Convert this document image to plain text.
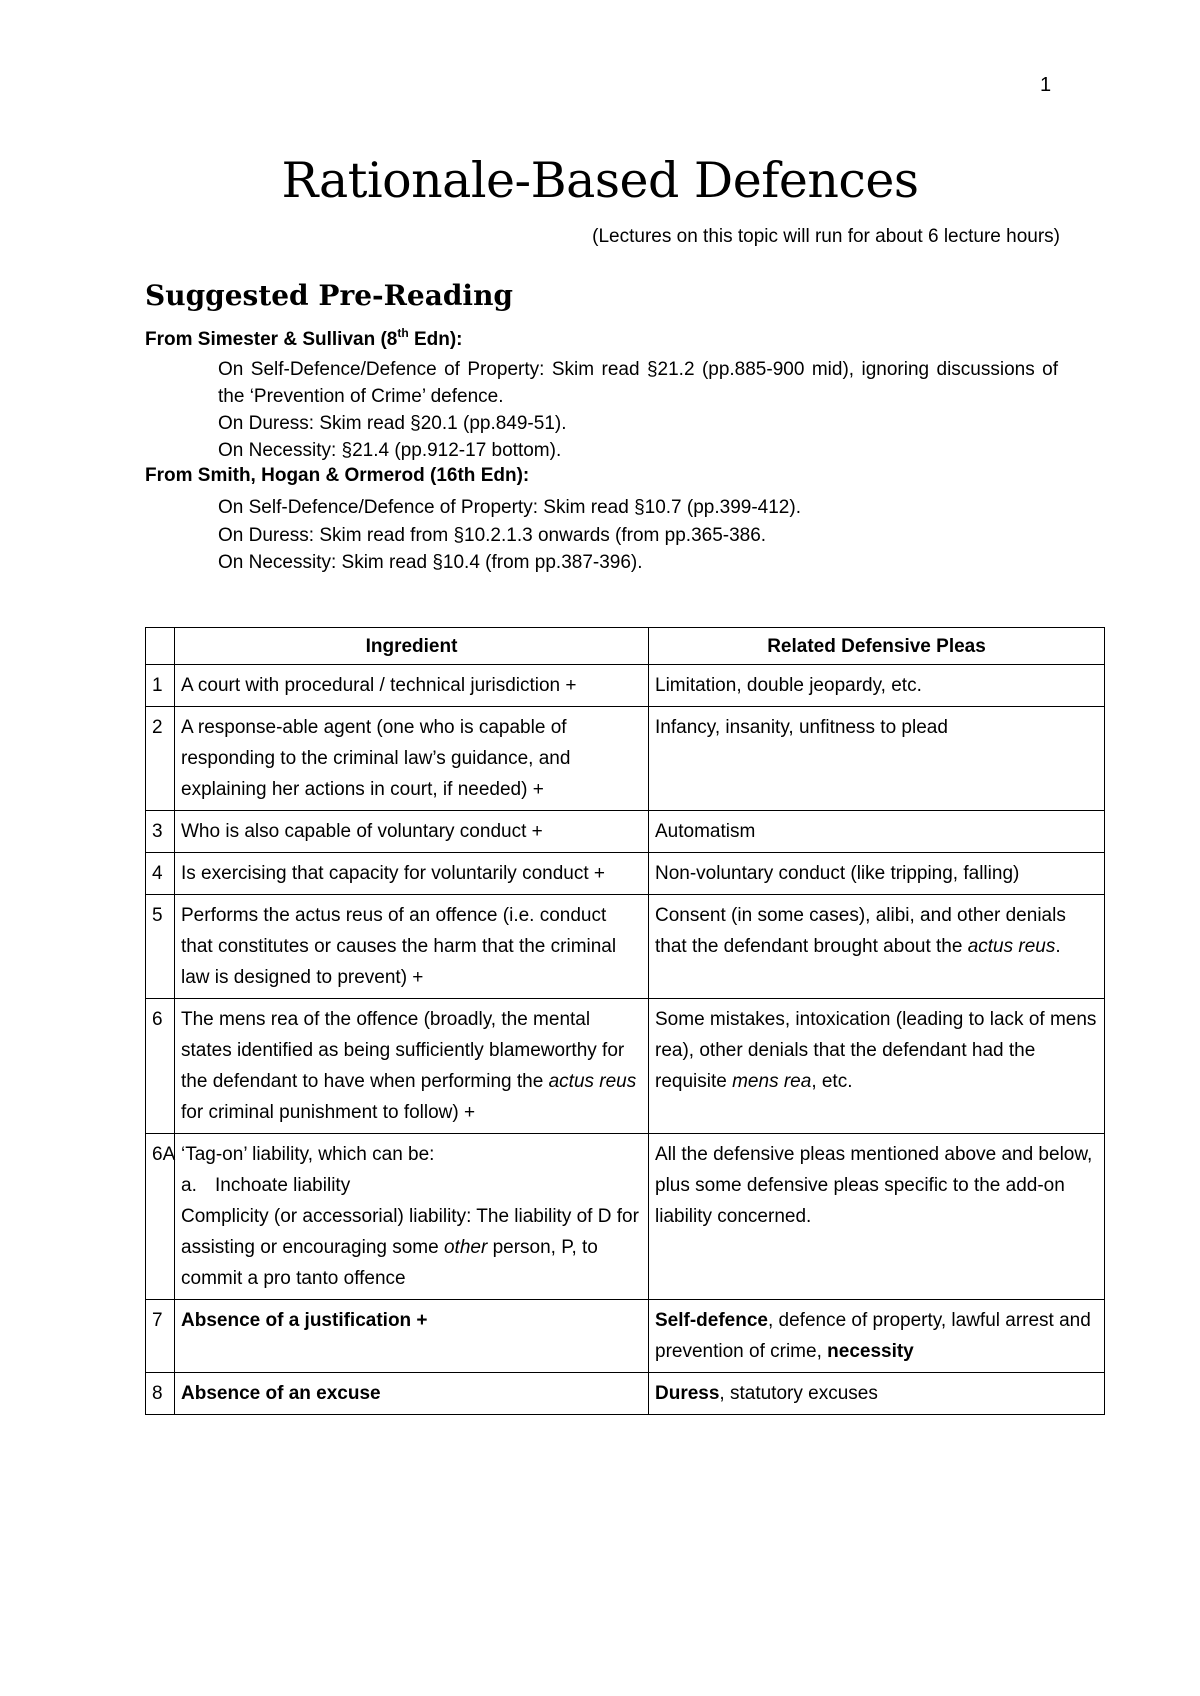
1
Rationale-Based Defences
(Lectures on this topic will run for about 6 lecture hours)
Suggested Pre-Reading
From Simester & Sullivan (8th Edn):
On Self-Defence/Defence of Property: Skim read §21.2 (pp.885-900 mid), ignoring discussions of the ‘Prevention of Crime’ defence.
On Duress: Skim read §20.1 (pp.849-51).
On Necessity: §21.4 (pp.912-17 bottom).
From Smith, Hogan & Ormerod (16th Edn):
On Self-Defence/Defence of Property: Skim read §10.7 (pp.399-412).
On Duress: Skim read from §10.2.1.3 onwards (from pp.365-386.
On Necessity: Skim read §10.4 (from pp.387-396).
	Ingredient	Related Defensive Pleas
1	A court with procedural / technical jurisdiction +	Limitation, double jeopardy, etc.
2	A response-able agent (one who is capable of responding to the criminal law’s guidance, and explaining her actions in court, if needed) +	Infancy, insanity, unfitness to plead
3	Who is also capable of voluntary conduct +	Automatism
4	Is exercising that capacity for voluntarily conduct +	Non-voluntary conduct (like tripping, falling)
5	Performs the actus reus of an offence (i.e. conduct that constitutes or causes the harm that the criminal law is designed to prevent) +	Consent (in some cases), alibi, and other denials that the defendant brought about the actus reus.
6	The mens rea of the offence (broadly, the mental states identified as being sufficiently blameworthy for the defendant to have when performing the actus reus for criminal punishment to follow) +	Some mistakes, intoxication (leading to lack of mens rea), other denials that the defendant had the requisite mens rea, etc.
6A	‘Tag-on’ liability, which can be:
a. Inchoate liability
Complicity (or accessorial) liability: The liability of D for assisting or encouraging some other person, P, to commit a pro tanto offence	All the defensive pleas mentioned above and below, plus some defensive pleas specific to the add-on liability concerned.
7	Absence of a justification +	Self-defence, defence of property, lawful arrest and prevention of crime, necessity
8	Absence of an excuse	Duress, statutory excuses
